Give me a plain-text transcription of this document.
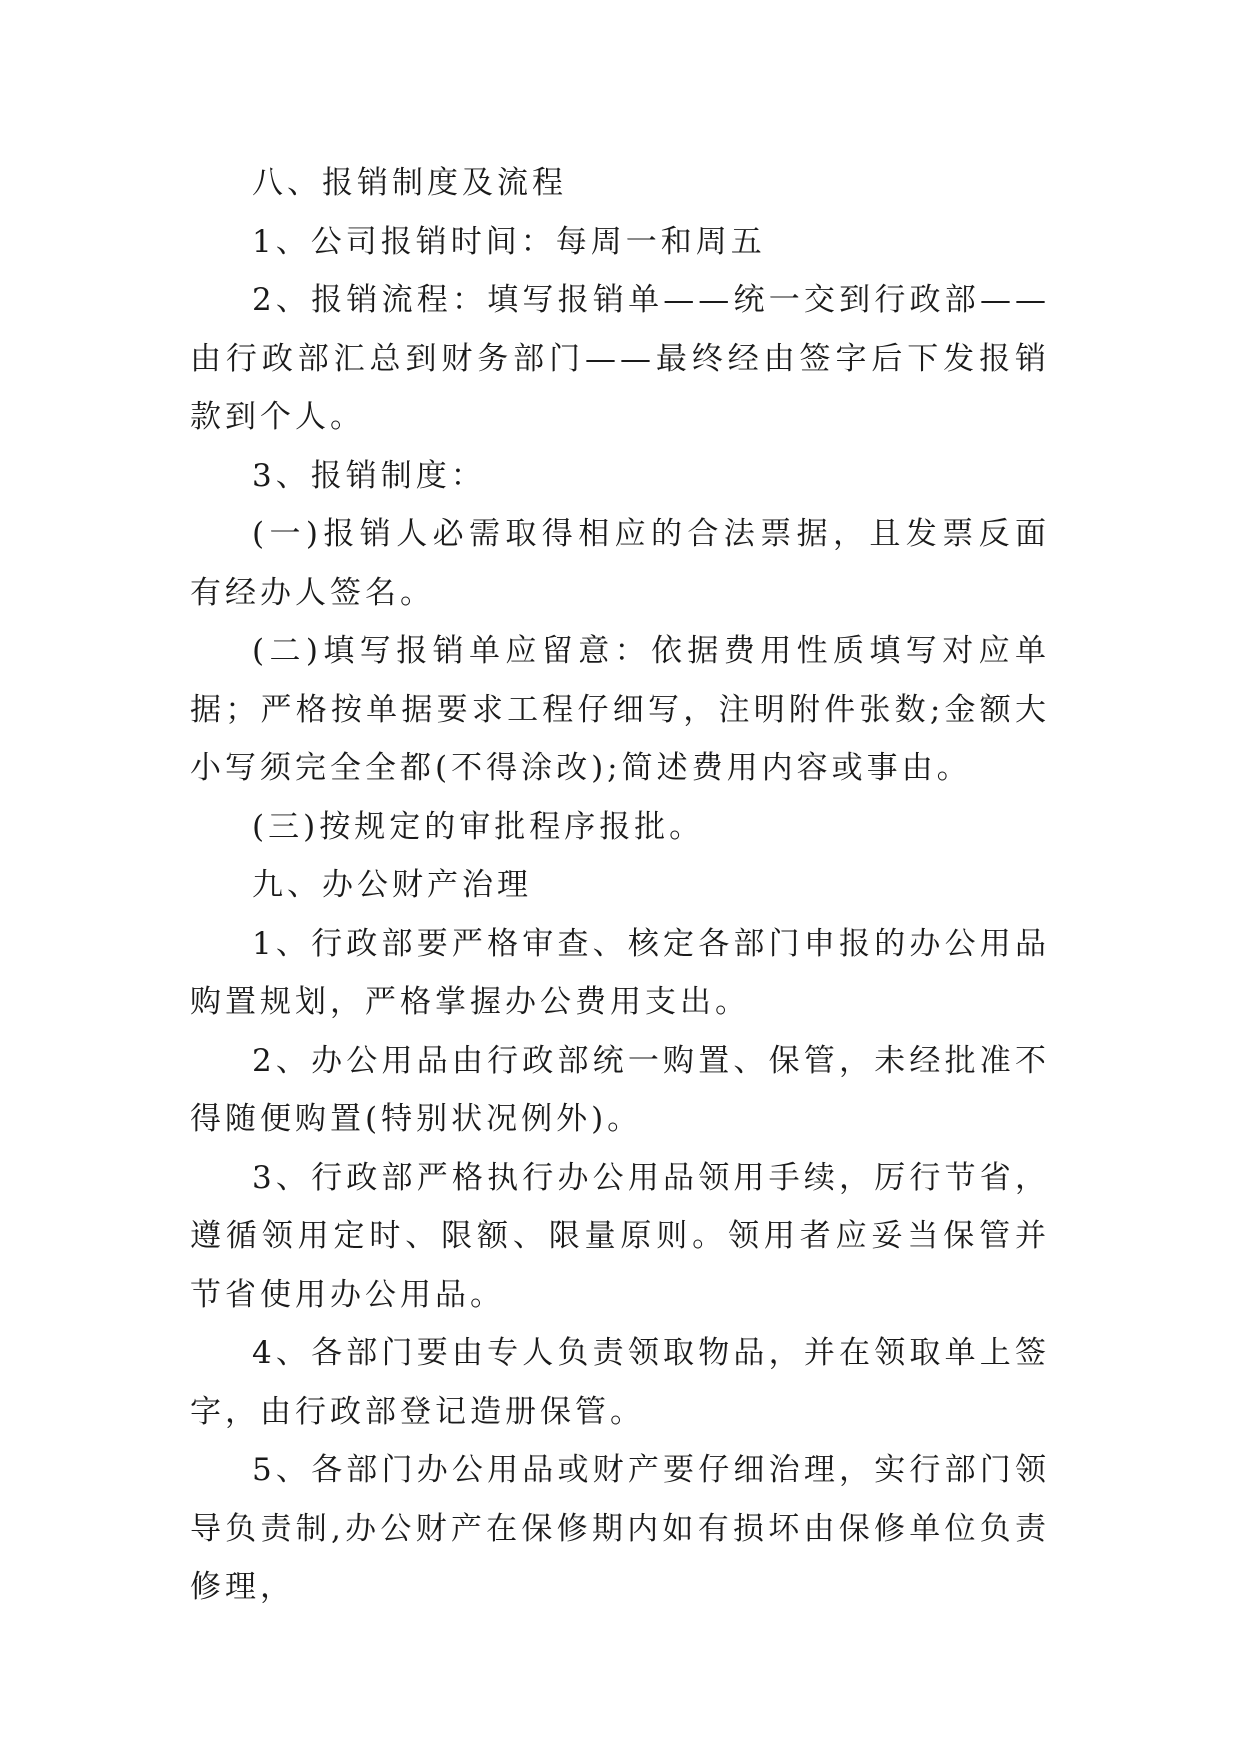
八、报销制度及流程

1、公司报销时间：每周一和周五

2、报销流程：填写报销单——统一交到行政部——由行政部汇总到财务部门——最终经由签字后下发报销款到个人。

3、报销制度：

(一)报销人必需取得相应的合法票据，且发票反面有经办人签名。

(二)填写报销单应留意：依据费用性质填写对应单据；严格按单据要求工程仔细写，注明附件张数;金额大小写须完全全都(不得涂改);简述费用内容或事由。

(三)按规定的审批程序报批。

九、办公财产治理

1、行政部要严格审查、核定各部门申报的办公用品购置规划，严格掌握办公费用支出。

2、办公用品由行政部统一购置、保管，未经批准不得随便购置(特别状况例外)。

3、行政部严格执行办公用品领用手续，厉行节省，遵循领用定时、限额、限量原则。领用者应妥当保管并节省使用办公用品。

4、各部门要由专人负责领取物品，并在领取单上签字，由行政部登记造册保管。

5、各部门办公用品或财产要仔细治理，实行部门领导负责制,办公财产在保修期内如有损坏由保修单位负责修理，
